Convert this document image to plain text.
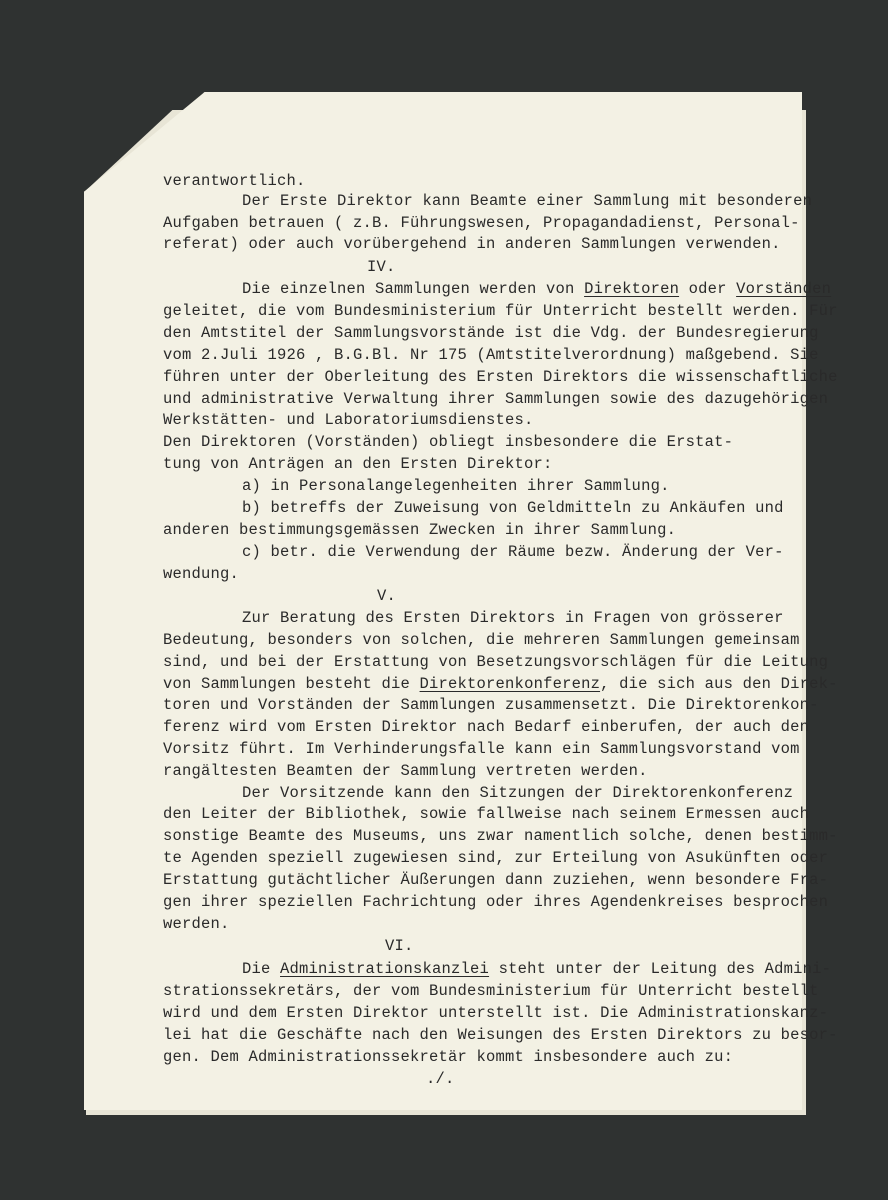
verantwortlich.
Der Erste Direktor kann Beamte einer Sammlung mit besonderen
Aufgaben betrauen ( z.B. Führungswesen, Propagandadienst, Personal-
referat) oder auch vorübergehend in anderen Sammlungen verwenden.
IV.
Die einzelnen Sammlungen werden von Direktoren oder Vorständen
geleitet, die vom Bundesministerium für Unterricht bestellt werden. Für
den Amtstitel der Sammlungsvorstände ist die Vdg. der Bundesregierung
vom 2.Juli 1926 , B.G.Bl. Nr 175 (Amtstitelverordnung) maßgebend. Sie
führen unter der Oberleitung des Ersten Direktors die wissenschaftliche
und administrative Verwaltung ihrer Sammlungen sowie des dazugehörigen
Werkstätten- und Laboratoriumsdienstes.
Den Direktoren (Vorständen) obliegt insbesondere die Erstat-
tung von Anträgen an den Ersten Direktor:
a) in Personalangelegenheiten ihrer Sammlung.
b) betreffs der Zuweisung von Geldmitteln zu Ankäufen und
anderen bestimmungsgemässen Zwecken in ihrer Sammlung.
c) betr. die Verwendung der Räume bezw. Änderung der Ver-
wendung.
V.
Zur Beratung des Ersten Direktors in Fragen von grösserer
Bedeutung, besonders von solchen, die mehreren Sammlungen gemeinsam
sind, und bei der Erstattung von Besetzungsvorschlägen für die Leitung
von Sammlungen besteht die Direktorenkonferenz, die sich aus den Direk-
toren und Vorständen der Sammlungen zusammensetzt. Die Direktorenkon-
ferenz wird vom Ersten Direktor nach Bedarf einberufen, der auch den
Vorsitz führt. Im Verhinderungsfalle kann ein Sammlungsvorstand vom
rangältesten Beamten der Sammlung vertreten werden.
Der Vorsitzende kann den Sitzungen der Direktorenkonferenz
den Leiter der Bibliothek, sowie fallweise nach seinem Ermessen auch
sonstige Beamte des Museums, uns zwar namentlich solche, denen bestimm-
te Agenden speziell zugewiesen sind, zur Erteilung von Asukünften oder
Erstattung gutächtlicher Äußerungen dann zuziehen, wenn besondere Fra-
gen ihrer speziellen Fachrichtung oder ihres Agendenkreises besprochen
werden.
VI.
Die Administrationskanzlei steht unter der Leitung des Admini-
strationssekretärs, der vom Bundesministerium für Unterricht bestellt
wird und dem Ersten Direktor unterstellt ist. Die Administrationskanz-
lei hat die Geschäfte nach den Weisungen des Ersten Direktors zu besor-
gen. Dem Administrationssekretär kommt insbesondere auch zu:
./.
